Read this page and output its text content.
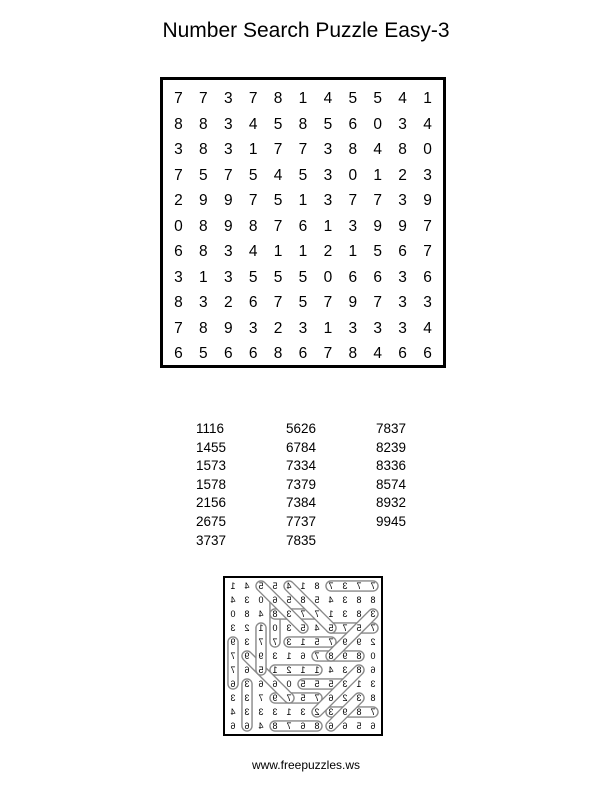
Number Search Puzzle Easy-3
7	7	3	7	8	1	4	5	5	4	1
8	8	3	4	5	8	5	6	0	3	4
3	8	3	1	7	7	3	8	4	8	0
7	5	7	5	4	5	3	0	1	2	3
2	9	9	7	5	1	3	7	7	3	9
0	8	9	8	7	6	1	3	9	9	7
6	8	3	4	1	1	2	1	5	6	7
3	1	3	5	5	5	0	6	6	3	6
8	3	2	6	7	5	7	9	7	3	3
7	8	9	3	2	3	1	3	3	3	4
6	5	6	6	8	6	7	8	4	6	6
1116
1455
1573
1578
2156
2675
3737
5626
6784
7334
7379
7384
7737
7835
7837
8239
8336
8574
8932
9945
7
7
3
7
8
1
4
5
5
4
1
8
8
3
4
5
8
5
6
0
3
4
3
8
3
1
7
7
3
8
4
8
0
7
5
7
5
4
5
3
0
1
2
3
2
9
9
7
5
1
3
7
7
3
9
0
8
9
8
7
6
1
3
9
9
7
6
8
3
4
1
1
2
1
5
6
7
3
1
3
5
5
5
0
6
6
3
6
8
3
2
6
7
5
7
9
7
3
3
7
8
9
3
2
3
1
3
3
3
4
6
5
6
6
8
6
7
8
4
6
6
www.freepuzzles.ws
